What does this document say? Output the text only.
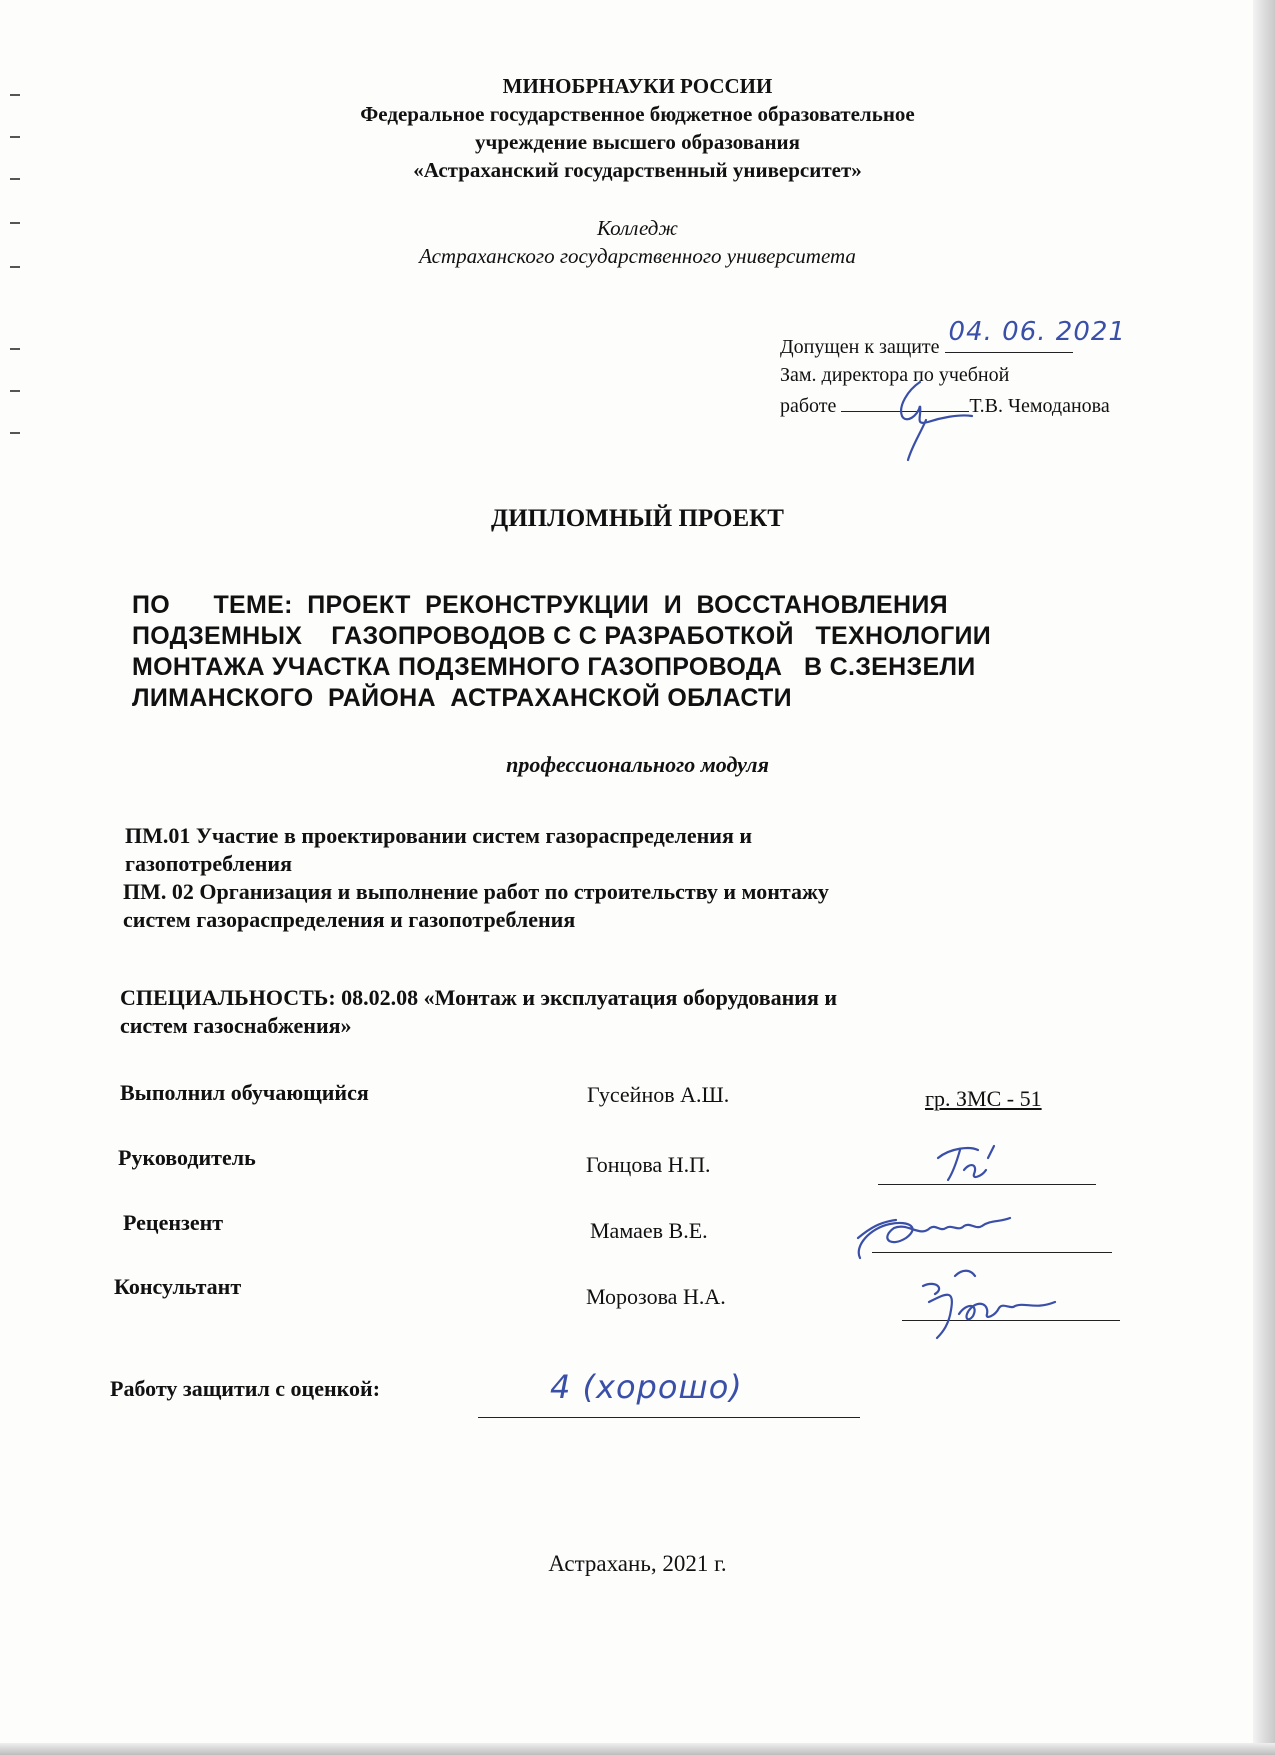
МИНОБРНАУКИ РОССИИ
Федеральное государственное бюджетное образовательное
учреждение высшего образования
«Астраханский государственный университет»
Колледж
Астраханского государственного университета
Допущен к защите 04. 06. 2021
Зам. директора по учебной
работе	Т.В. Чемоданова
ДИПЛОМНЫЙ ПРОЕКТ
ПО      ТЕМЕ:  ПРОЕКТ  РЕКОНСТРУКЦИИ  И  ВОССТАНОВЛЕНИЯ
ПОДЗЕМНЫХ    ГАЗОПРОВОДОВ С С РАЗРАБОТКОЙ   ТЕХНОЛОГИИ
МОНТАЖА УЧАСТКА ПОДЗЕМНОГО ГАЗОПРОВОДА   В С.ЗЕНЗЕЛИ
ЛИМАНСКОГО  РАЙОНА  АСТРАХАНСКОЙ ОБЛАСТИ
профессионального модуля
ПМ.01 Участие в проектировании систем газораспределения и
газопотребления
ПМ. 02 Организация и выполнение работ по строительству и монтажу
систем газораспределения и газопотребления
СПЕЦИАЛЬНОСТЬ: 08.02.08 «Монтаж и эксплуатация оборудования и
систем газоснабжения»
Выполнил обучающийся	Гусейнов А.Ш.	гр. ЗМС - 51
Руководитель	Гонцова Н.П.
Рецензент	Мамаев В.Е.
Консультант	Морозова Н.А.
Работу защитил с оценкой:	4 (хорошо)
Астрахань, 2021 г.
